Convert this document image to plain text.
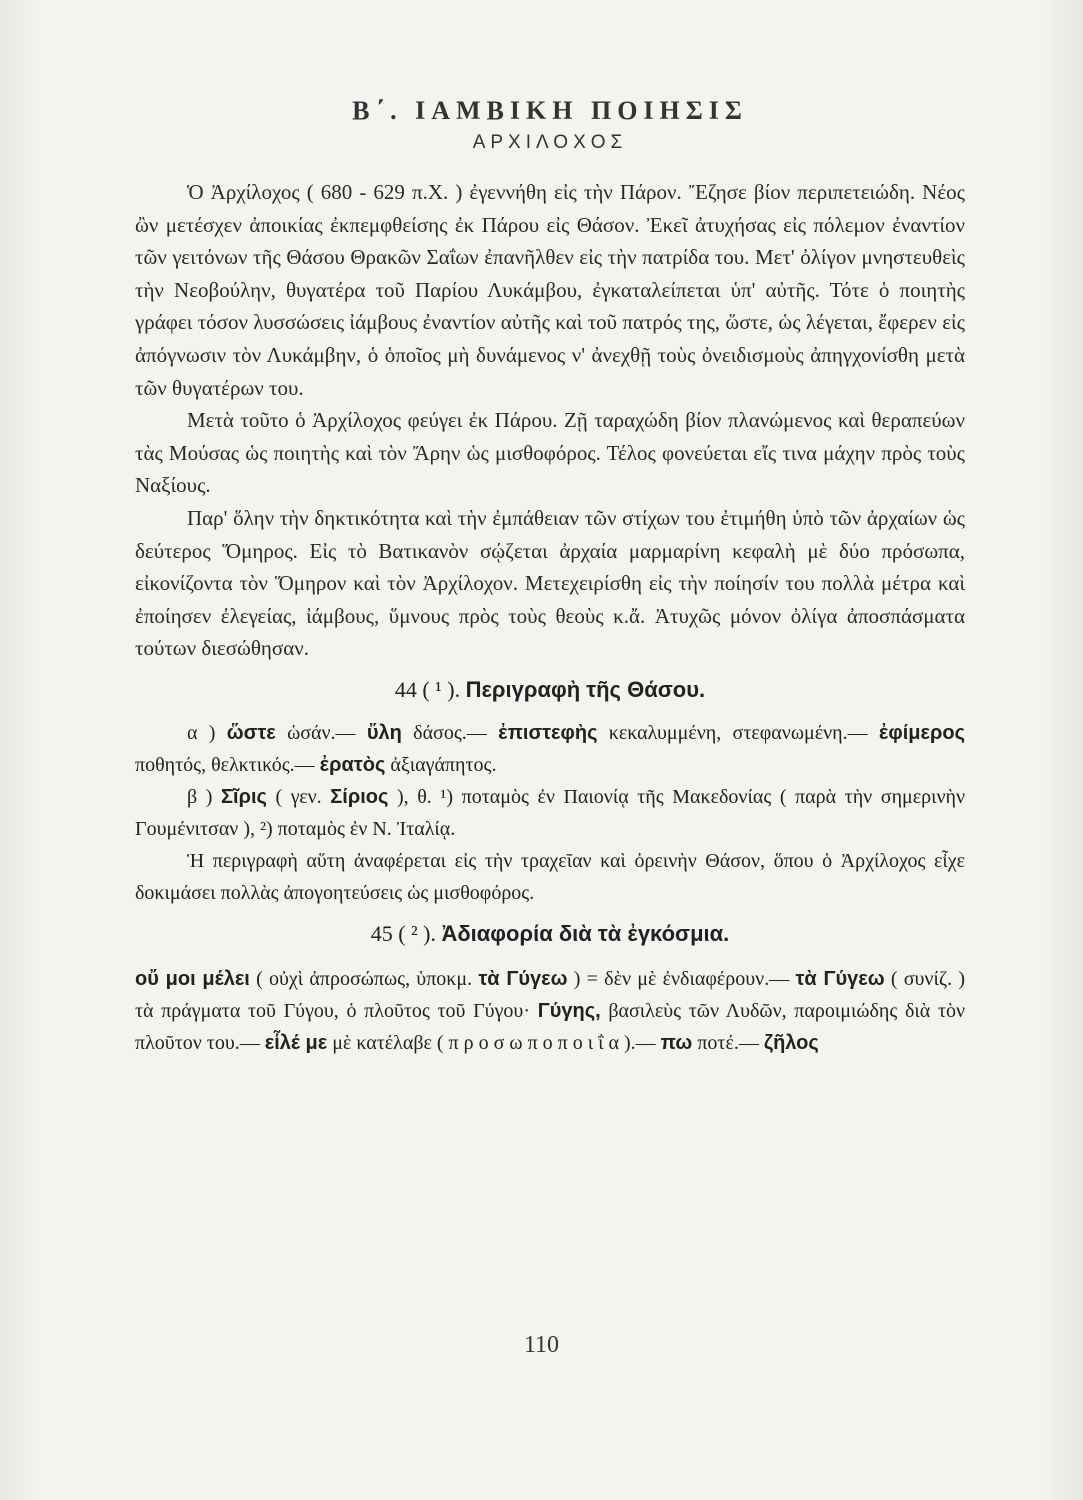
Β΄. ΙΑΜΒΙΚΗ ΠΟΙΗΣΙΣ
ΑΡΧΙΛΟΧΟΣ

Ὁ Ἀρχίλοχος ( 680 - 629 π.Χ. ) ἐγεννήθη εἰς τὴν Πάρον. Ἔζησε βίον περιπετειώδη. Νέος ὢν μετέσχεν ἀποικίας ἐκπεμφθείσης ἐκ Πάρου εἰς Θάσον. Ἐκεῖ ἀτυχήσας εἰς πόλεμον ἐναντίον τῶν γειτόνων τῆς Θάσου Θρακῶν Σαΐων ἐπανῆλθεν εἰς τὴν πατρίδα του. Μετ' ὀλίγον μνηστευθεὶς τὴν Νεοβούλην, θυγατέρα τοῦ Παρίου Λυκάμβου, ἐγκαταλείπεται ὑπ' αὐτῆς. Τότε ὁ ποιητὴς γράφει τόσον λυσσώσεις ἰάμβους ἐναντίον αὐτῆς καὶ τοῦ πατρός της, ὥστε, ὡς λέγεται, ἔφερεν εἰς ἀπόγνωσιν τὸν Λυκάμβην, ὁ ὁποῖος μὴ δυνάμενος ν' ἀνεχθῇ τοὺς ὀνειδισμοὺς ἀπηγχονίσθη μετὰ τῶν θυγατέρων του.

Μετὰ τοῦτο ὁ Ἀρχίλοχος φεύγει ἐκ Πάρου. Ζῇ ταραχώδη βίον πλανώμενος καὶ θεραπεύων τὰς Μούσας ὡς ποιητὴς καὶ τὸν Ἄρην ὡς μισθοφόρος. Τέλος φονεύεται εἴς τινα μάχην πρὸς τοὺς Ναξίους.

Παρ' ὅλην τὴν δηκτικότητα καὶ τὴν ἐμπάθειαν τῶν στίχων του ἐτιμήθη ὑπὸ τῶν ἀρχαίων ὡς δεύτερος Ὅμηρος. Εἰς τὸ Βατικανὸν σῴζεται ἀρχαία μαρμαρίνη κεφαλὴ μὲ δύο πρόσωπα, εἰκονίζοντα τὸν Ὅμηρον καὶ τὸν Ἀρχίλοχον. Μετεχειρίσθη εἰς τὴν ποίησίν του πολλὰ μέτρα καὶ ἐποίησεν ἐλεγείας, ἰάμβους, ὕμνους πρὸς τοὺς θεοὺς κ.ἄ. Ἀτυχῶς μόνον ὀλίγα ἀποσπάσματα τούτων διεσώθησαν.

44 ( ¹ ). Περιγραφὴ τῆς Θάσου.

α ) ὥστε ὡσάν.— ὕλη δάσος.— ἐπιστεφὴς κεκαλυμμένη, στεφανωμένη.— ἐφίμερος ποθητός, θελκτικός.— ἐρατὸς ἀξιαγάπητος.

β ) Σῖρις ( γεν. Σίριος ), θ. ¹) ποταμὸς ἐν Παιονίᾳ τῆς Μακεδονίας ( παρὰ τὴν σημερινὴν Γουμένιτσαν ), ²) ποταμὸς ἐν Ν. Ἰταλίᾳ.

Ἡ περιγραφὴ αὕτη ἀναφέρεται εἰς τὴν τραχεῖαν καὶ ὀρεινὴν Θάσον, ὅπου ὁ Ἀρχίλοχος εἶχε δοκιμάσει πολλὰς ἀπογοητεύσεις ὡς μισθοφόρος.

45 ( ² ). Ἀδιαφορία διὰ τὰ ἐγκόσμια.

οὔ μοι μέλει ( οὐχὶ ἀπροσώπως, ὑποκμ. τὰ Γύγεω ) = δὲν μὲ ἐνδιαφέρουν.— τὰ Γύγεω ( συνίζ. ) τὰ πράγματα τοῦ Γύγου, ὁ πλοῦτος τοῦ Γύγου· Γύγης, βασιλεὺς τῶν Λυδῶν, παροιμιώδης διὰ τὸν πλοῦτον του.— εἷλέ με μὲ κατέλαβε ( π ρ ο σ ω π ο π ο ι ΐ α ).— πω ποτέ.— ζῆλος

110
